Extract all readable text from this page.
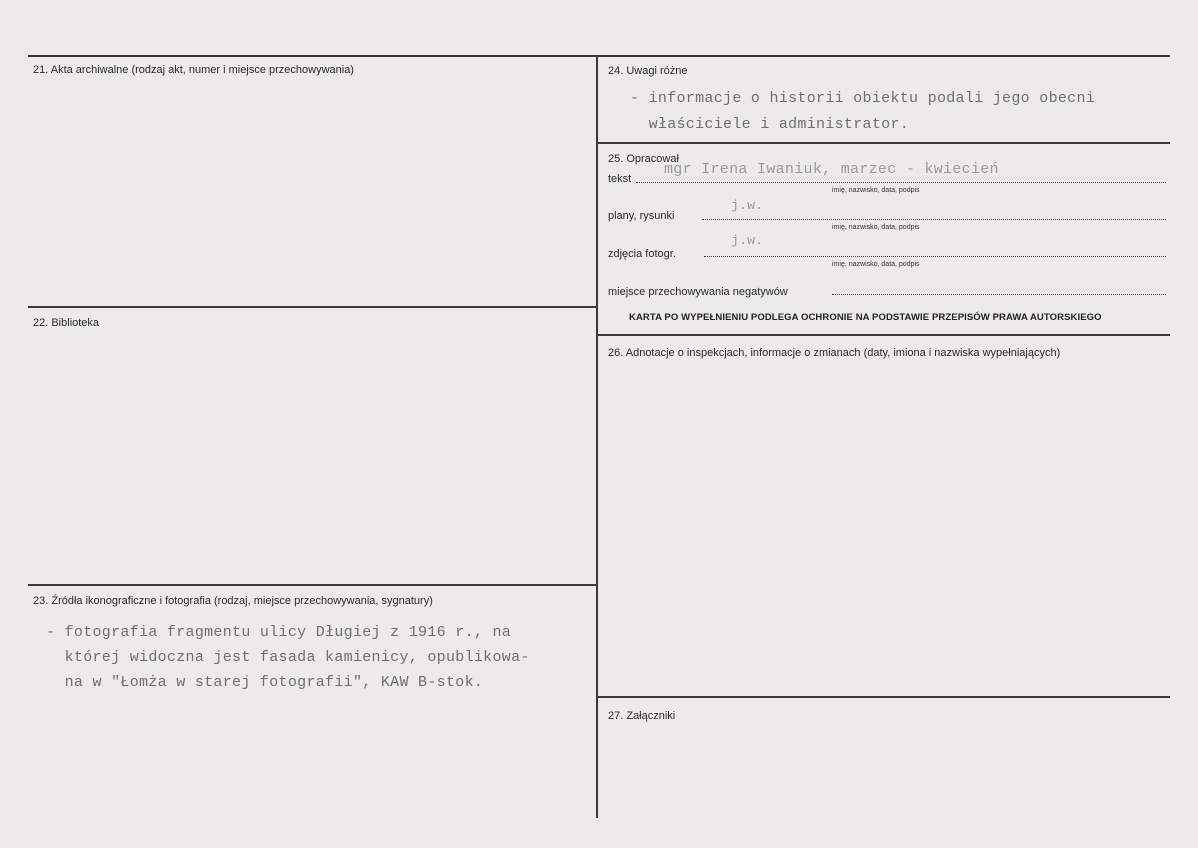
21. Akta archiwalne (rodzaj akt, numer i miejsce przechowywania)
22. Biblioteka
23. Źródła ikonograficzne i fotografia (rodzaj, miejsce przechowywania, sygnatury)
- fotografia fragmentu ulicy Długiej z 1916 r., na
której widoczna jest fasada kamienicy, opublikowa-
na w "Łomża w starej fotografii", KAW B-stok.
24. Uwagi różne
- informacje o historii obiektu podali jego obecni
właściciele i administrator.
25. Opracował
tekst
mgr Irena Iwaniuk, marzec - kwiecień
imię, nazwisko, data, podpis
plany, rysunki
j.w.
imię, nazwisko, data, podpis
zdjęcia fotogr.
j.w.
imię, nazwisko, data, podpis
miejsce przechowywania negatywów
KARTA PO WYPEŁNIENIU PODLEGA OCHRONIE NA PODSTAWIE PRZEPISÓW PRAWA AUTORSKIEGO
26. Adnotacje o inspekcjach, informacje o zmianach (daty, imiona i nazwiska wypełniających)
27. Załączniki
